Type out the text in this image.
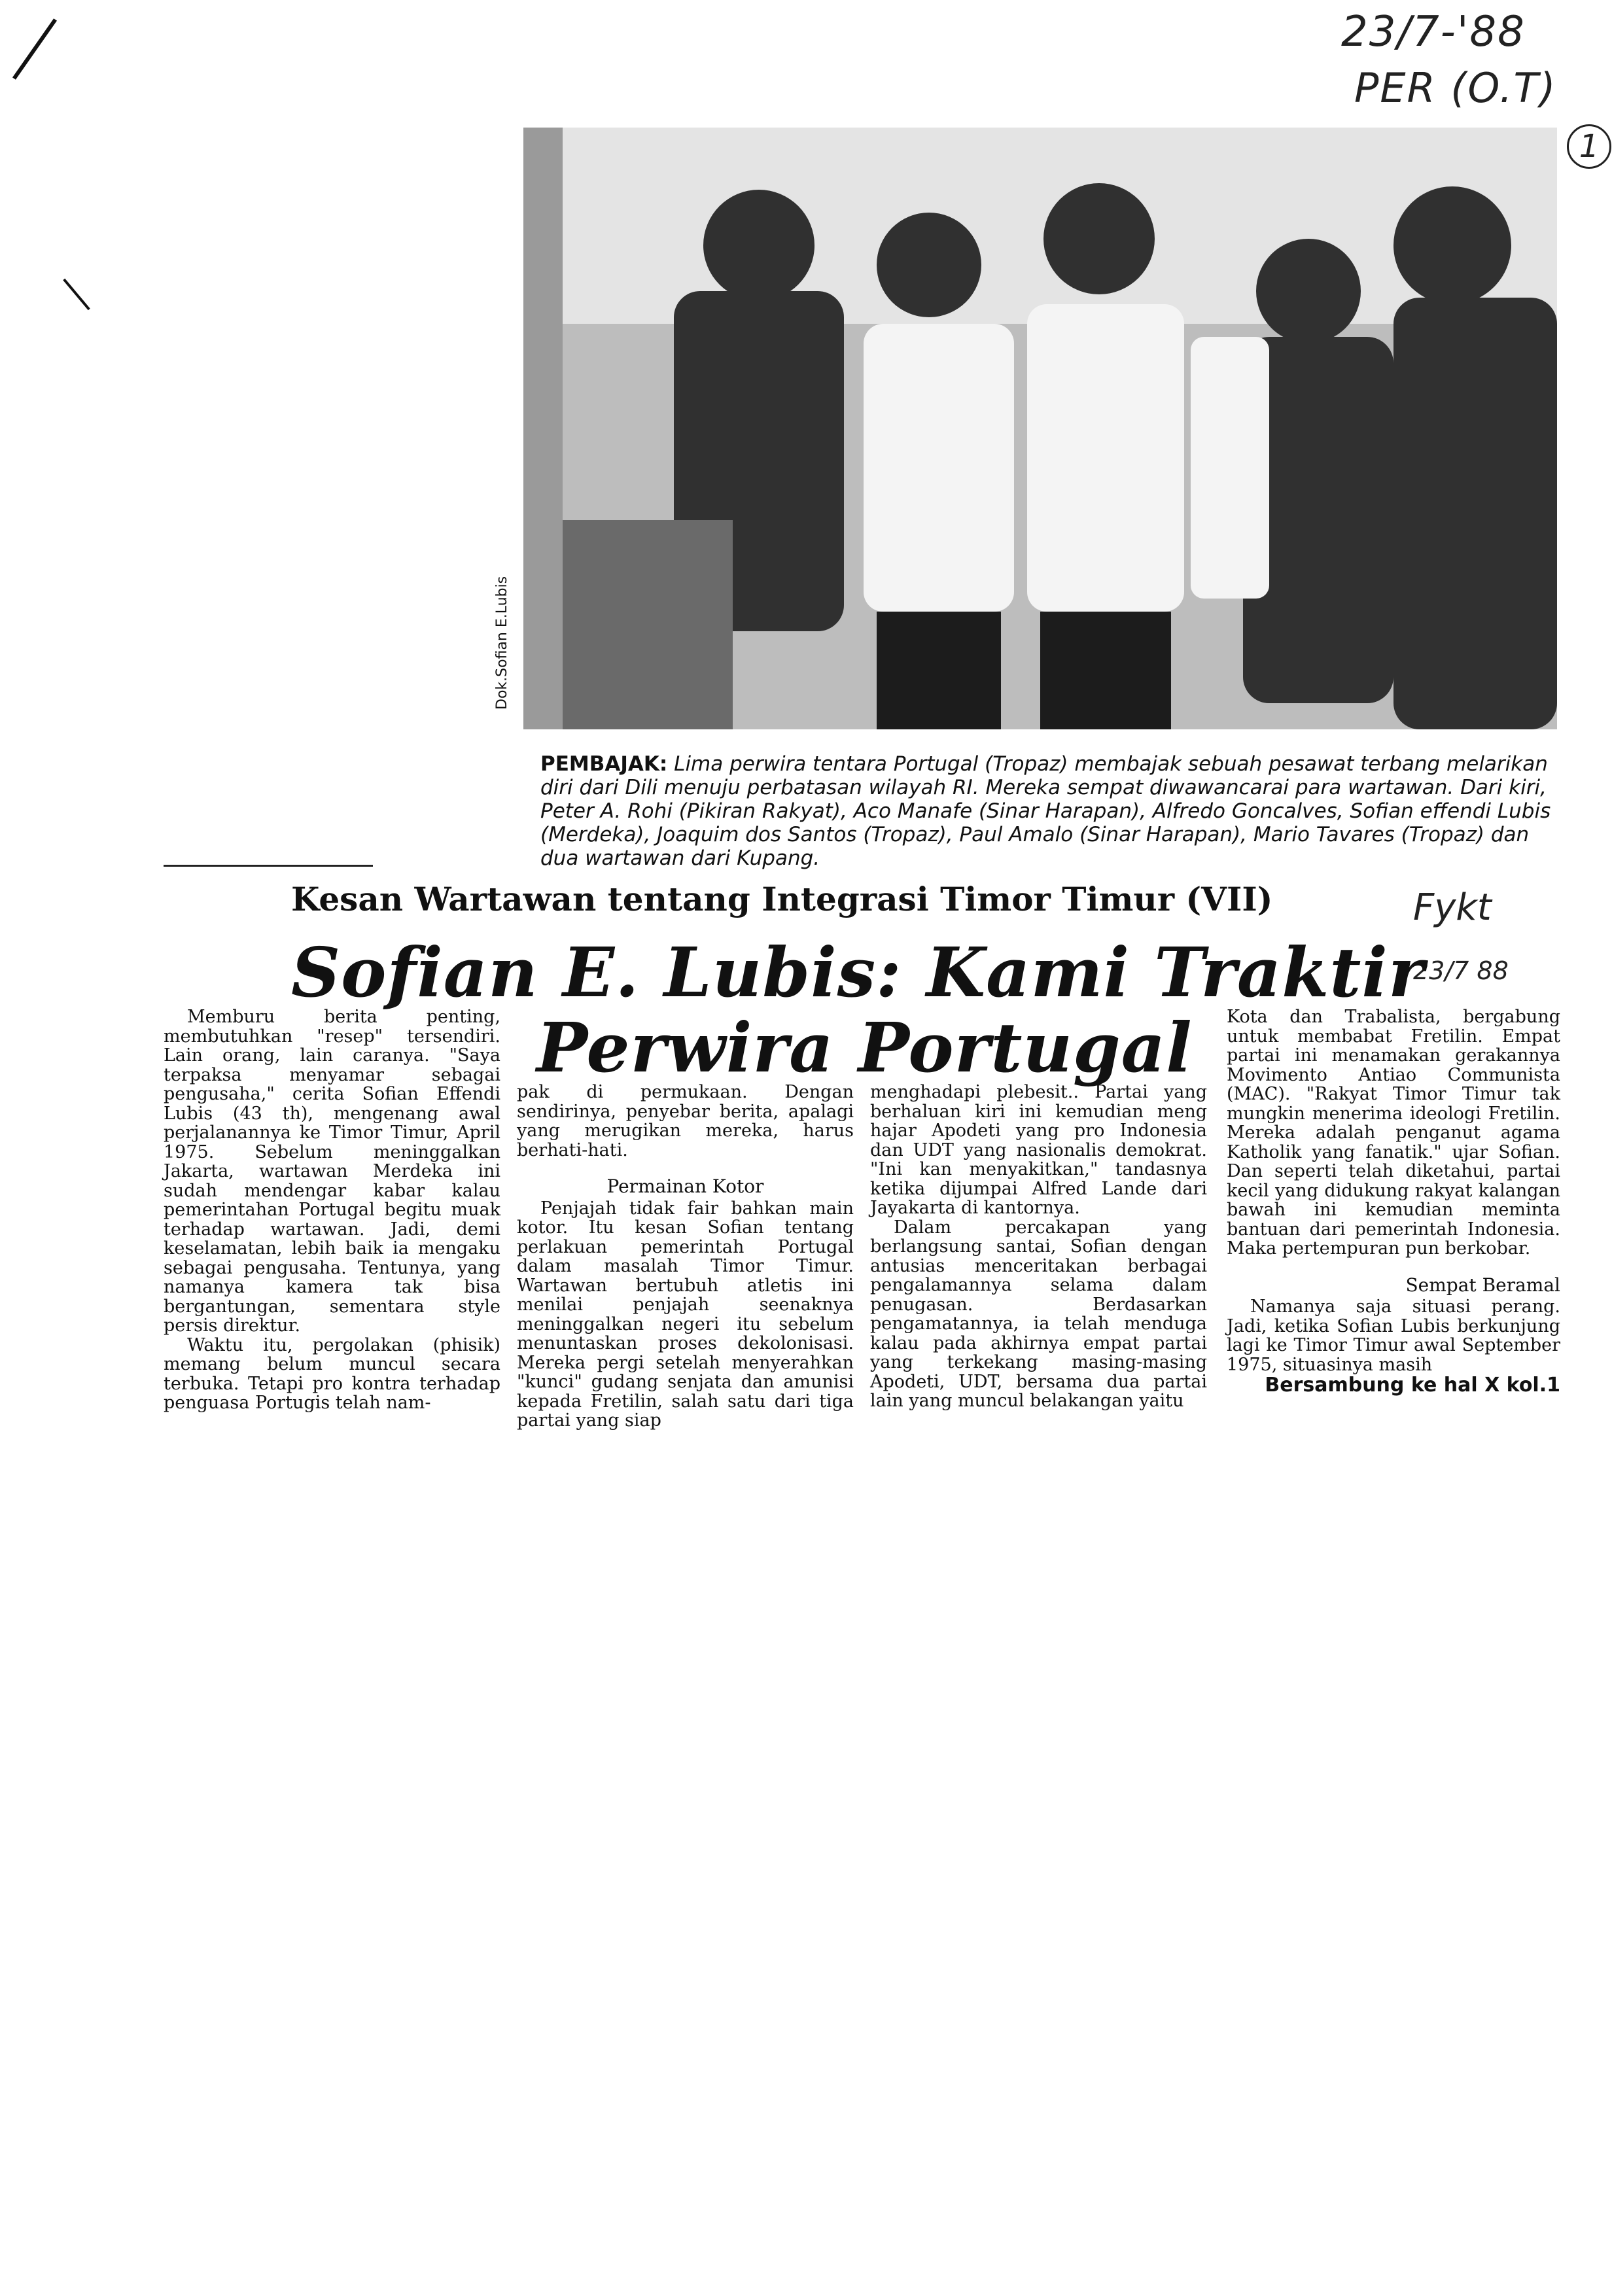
23/7-'88
PER (O.T)
1
Fykt
23/7 88
Dok.Sofian E.Lubis
PEMBAJAK: Lima perwira tentara Portugal (Tropaz) membajak sebuah pesawat terbang melarikan diri dari Dili menuju perbatasan wilayah RI. Mereka sempat diwawancarai para wartawan. Dari kiri, Peter A. Rohi (Pikiran Rakyat), Aco Manafe (Sinar Harapan), Alfredo Goncalves, Sofian effendi Lubis (Merdeka), Joaquim dos Santos (Tropaz), Paul Amalo (Sinar Harapan), Mario Tavares (Tropaz) dan dua wartawan dari Kupang.
Kesan Wartawan tentang Integrasi Timor Timur (VII)
Sofian E. Lubis: Kami Traktir
Perwira Portugal

Memburu berita penting, membutuhkan "resep" tersendiri. Lain orang, lain caranya. "Saya terpaksa menyamar sebagai pengusaha," cerita Sofian Effendi Lubis (43 th), mengenang awal perjalanannya ke Timor Timur, April 1975. Sebelum meninggalkan Jakarta, wartawan Merdeka ini sudah mendengar kabar kalau pemerintahan Portugal begitu muak terhadap wartawan. Jadi, demi keselamatan, lebih baik ia mengaku sebagai pengusaha. Tentunya, yang namanya kamera tak bisa bergantungan, sementara style persis direktur.

Waktu itu, pergolakan (phisik) memang belum muncul secara terbuka. Tetapi pro kontra terhadap penguasa Portugis telah nam-

pak di permukaan. Dengan sendirinya, penyebar berita, apalagi yang merugikan mereka, harus berhati-hati.

Permainan Kotor

Penjajah tidak fair bahkan main kotor. Itu kesan Sofian tentang perlakuan pemerintah Portugal dalam masalah Timor Timur. Wartawan bertubuh atletis ini menilai penjajah seenaknya meninggalkan negeri itu sebelum menuntaskan proses dekolonisasi. Mereka pergi setelah menyerahkan "kunci" gudang senjata dan amunisi kepada Fretilin, salah satu dari tiga partai yang siap

menghadapi plebesit.. Partai yang berhaluan kiri ini kemudian meng hajar Apodeti yang pro Indonesia dan UDT yang nasionalis demokrat. "Ini kan menyakitkan," tandasnya ketika dijumpai Alfred Lande dari Jayakarta di kantornya.

Dalam percakapan yang berlangsung santai, Sofian dengan antusias menceritakan berbagai pengalamannya selama dalam penugasan. Berdasarkan pengamatannya, ia telah menduga kalau pada akhirnya empat partai yang terkekang masing-masing Apodeti, UDT, bersama dua partai lain yang muncul belakangan yaitu

Kota dan Trabalista, bergabung untuk membabat Fretilin. Empat partai ini menamakan gerakannya Movimento Antiao Communista (MAC). "Rakyat Timor Timur tak mungkin menerima ideologi Fretilin. Mereka adalah penganut agama Katholik yang fanatik." ujar Sofian. Dan seperti telah diketahui, partai kecil yang didukung rakyat kalangan bawah ini kemudian meminta bantuan dari pemerintah Indonesia. Maka pertempuran pun berkobar.

Sempat Beramal

Namanya saja situasi perang. Jadi, ketika Sofian Lubis berkunjung lagi ke Timor Timur awal September 1975, situasinya masih

Bersambung ke hal X kol.1
